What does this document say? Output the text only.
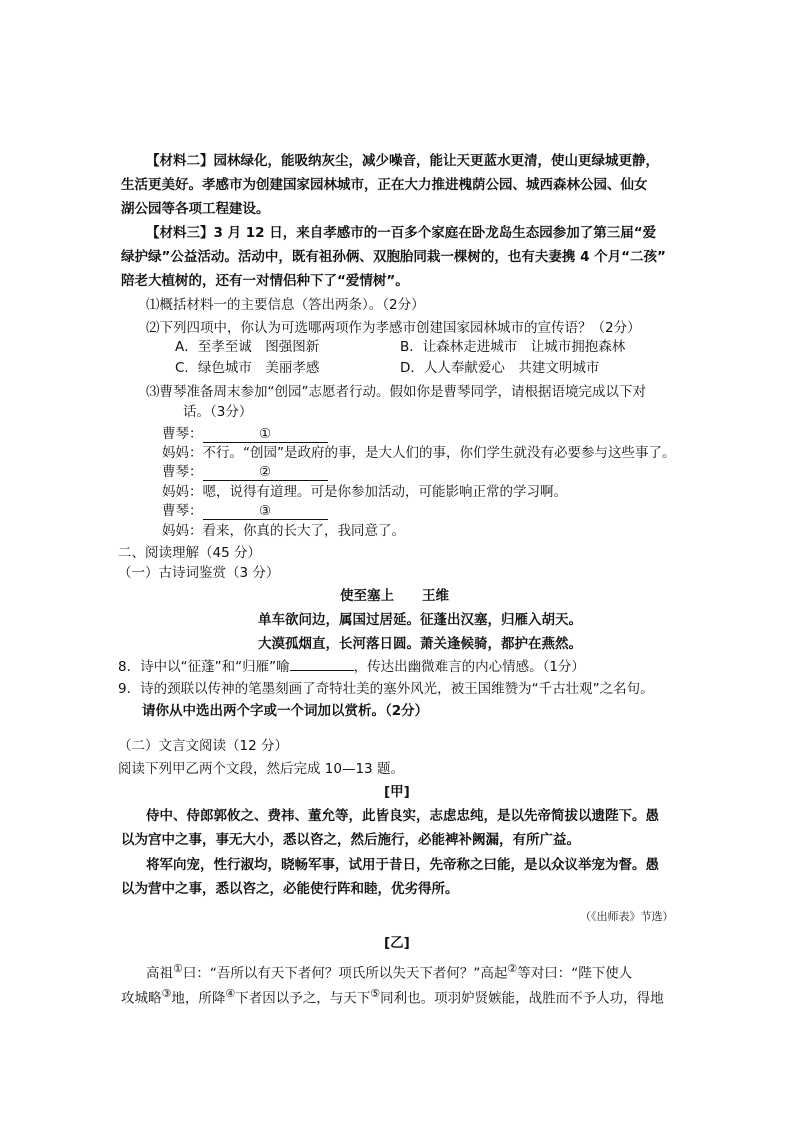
【材料二】园林绿化，能吸纳灰尘，减少噪音，能让天更蓝水更清，使山更绿城更静，
生活更美好。孝感市为创建国家园林城市，正在大力推进槐荫公园、城西森林公园、仙女
湖公园等各项工程建设。
【材料三】3 月 12 日，来自孝感市的一百多个家庭在卧龙岛生态园参加了第三届“爱
绿护绿”公益活动。活动中，既有祖孙俩、双胞胎同栽一棵树的，也有夫妻携 4 个月“二孩”
陪老大植树的，还有一对情侣种下了“爱情树”。
⑴概括材料一的主要信息（答出两条）。（2分）
⑵下列四项中，你认为可选哪两项作为孝感市创建国家园林城市的宣传语？（2分）
A．至孝至诚　图强图新	B．让森林走进城市　让城市拥抱森林
C．绿色城市　美丽孝感	D．人人奉献爱心　共建文明城市
⑶曹琴准备周末参加“创园”志愿者行动。假如你是曹琴同学，请根据语境完成以下对
话。（3分）
曹琴：	①
妈妈：不行。“创园”是政府的事，是大人们的事，你们学生就没有必要参与这些事了。
曹琴：	②
妈妈：嗯，说得有道理。可是你参加活动，可能影响正常的学习啊。
曹琴：	③
妈妈：看来，你真的长大了，我同意了。
二、阅读理解（45 分）
（一）古诗词鉴赏（3 分）
使至塞上 王维
单车欲问边，属国过居延。征蓬出汉塞，归雁入胡天。
大漠孤烟直，长河落日圆。萧关逢候骑，都护在燕然。
8．诗中以“征蓬”和“归雁”喻	，传达出幽微难言的内心情感。（1分）
9．诗的颈联以传神的笔墨刻画了奇特壮美的塞外风光，被王国维赞为“千古壮观”之名句。
请你从中选出两个字或一个词加以赏析。（2分）
（二）文言文阅读（12 分）
阅读下列甲乙两个文段，然后完成 10—13 题。
[甲]
侍中、侍郎郭攸之、费祎、董允等，此皆良实，志虑忠纯，是以先帝简拔以遗陛下。愚
以为宫中之事，事无大小，悉以咨之，然后施行，必能裨补阙漏，有所广益。
将军向宠，性行淑均，晓畅军事，试用于昔日，先帝称之曰能，是以众议举宠为督。愚
以为营中之事，悉以咨之，必能使行阵和睦，优劣得所。
（《出师表》节选）
[乙]
高祖①曰：“吾所以有天下者何？项氏所以失天下者何？”高起②等对曰：“陛下使人
攻城略③地，所降④下者因以予之，与天下⑤同利也。项羽妒贤嫉能，战胜而不予人功，得地
